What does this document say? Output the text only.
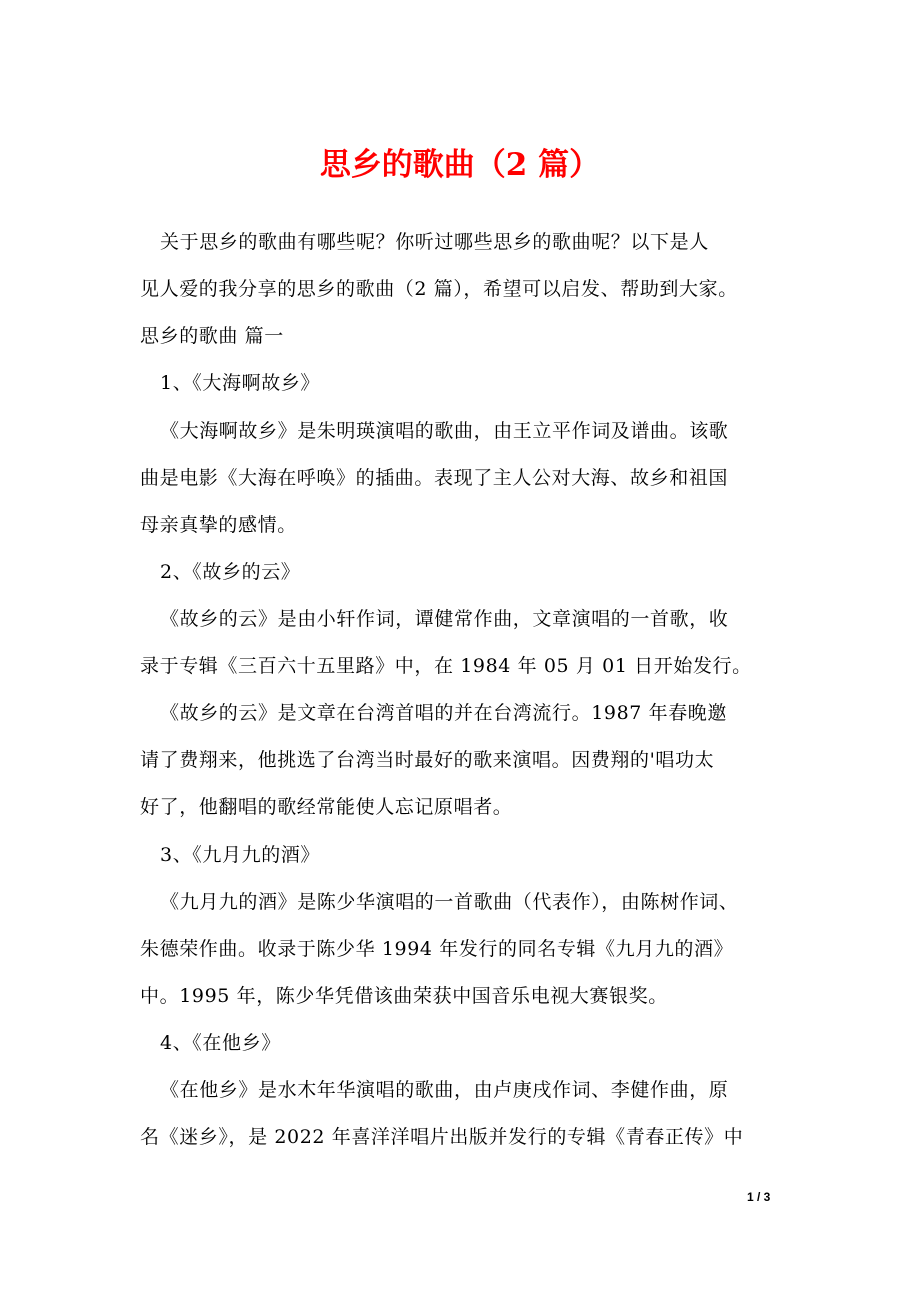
思乡的歌曲（2 篇）
关于思乡的歌曲有哪些呢？你听过哪些思乡的歌曲呢？以下是人
见人爱的我分享的思乡的歌曲（2 篇），希望可以启发、帮助到大家。
思乡的歌曲 篇一
1、《大海啊故乡》
《大海啊故乡》是朱明瑛演唱的歌曲，由王立平作词及谱曲。该歌
曲是电影《大海在呼唤》的插曲。表现了主人公对大海、故乡和祖国
母亲真挚的感情。
2、《故乡的云》
《故乡的云》是由小轩作词，谭健常作曲，文章演唱的一首歌，收
录于专辑《三百六十五里路》中，在 1984 年 05 月 01 日开始发行。
《故乡的云》是文章在台湾首唱的并在台湾流行。1987 年春晚邀
请了费翔来，他挑选了台湾当时最好的歌来演唱。因费翔的'唱功太
好了，他翻唱的歌经常能使人忘记原唱者。
3、《九月九的酒》
《九月九的酒》是陈少华演唱的一首歌曲（代表作），由陈树作词、
朱德荣作曲。收录于陈少华 1994 年发行的同名专辑《九月九的酒》
中。1995 年，陈少华凭借该曲荣获中国音乐电视大赛银奖。
4、《在他乡》
《在他乡》是水木年华演唱的歌曲，由卢庚戌作词、李健作曲，原
名《迷乡》，是 2022 年喜洋洋唱片出版并发行的专辑《青春正传》中
1 / 3
